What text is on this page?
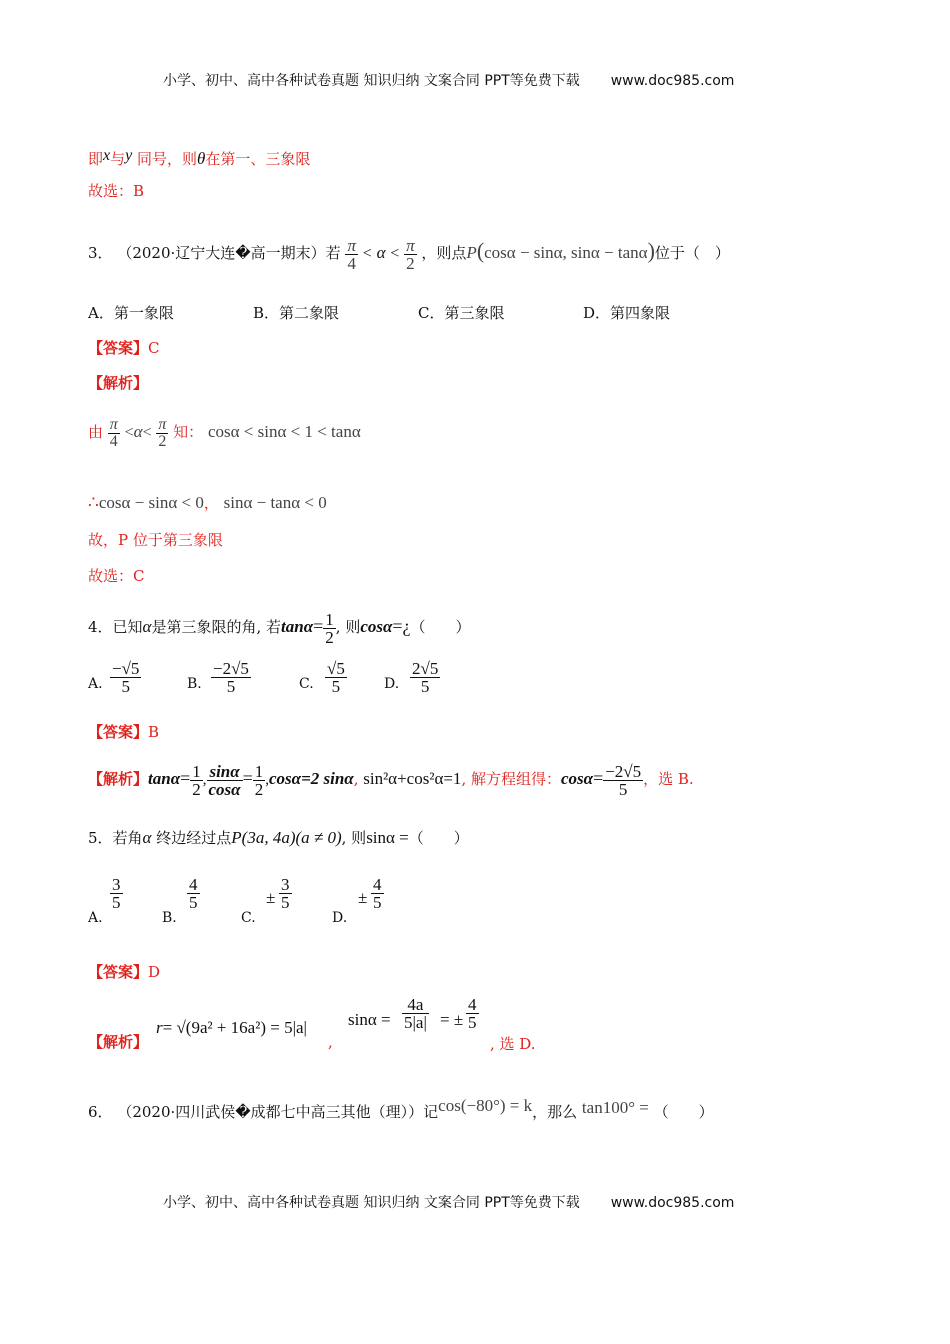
小学、初中、高中各种试卷真题 知识归纳 文案合同 PPT等免费下载 www.doc985.com
即x与y 同号，则θ在第一、三象限
故选：B
3． （2020·辽宁大连�高一期末）若 $\frac{\pi}{4} < \alpha < \frac{\pi}{2}$ ，则点P(cosα − sinα, sinα − tanα)位于（　）
A．第一象限	B．第二象限	C．第三象限	D．第四象限
【答案】C
【解析】
由 $\frac{\pi}{4} <\alpha< \frac{\pi}{2}$ 知： cosα < sinα < 1 < tanα
∴cosα − sinα < 0， sinα − tanα < 0
故，P 位于第三象限
故选：C
4．已知α是第三象限的角, 若$\tan\alpha= \frac{1}{2}$ , 则cosα=¿（　　）
A. $\frac{-√5}{5}$	B. $\frac{-2√5}{5}$	C. $\frac{√5}{5}$	D. $\frac{2√5}{5}$
【答案】B
【解析】$\tan\alpha= \frac{1}{2}$ , $\frac{\sin\alpha}{\cos\alpha} = \frac{1}{2} ,\cos\alpha=2$ sinα, sin²α+cos²α=1, 解方程组得：$\cos\alpha= \frac{-2√5}{5}$ ，选 B.
5．若角α 终边经过点P(3a, 4a)(a ≠ 0), 则sinα =（　　）
A.
$\frac{3}{5}$
B.
$\frac{4}{5}$
C.
± $\frac{3}{5}$
D.
± $\frac{4}{5}$
【答案】D
【解析】
r= √(9a² + 16a²) = 5|a|
,
$\sin\alpha = \frac{4a}{5|a|}$ = ± $\frac{4}{5}$
, 选 D.
6． （2020·四川武侯�成都七中高三其他（理））记cos(−80°) = k，那么 tan100° = （　　）
小学、初中、高中各种试卷真题 知识归纳 文案合同 PPT等免费下载 www.doc985.com
